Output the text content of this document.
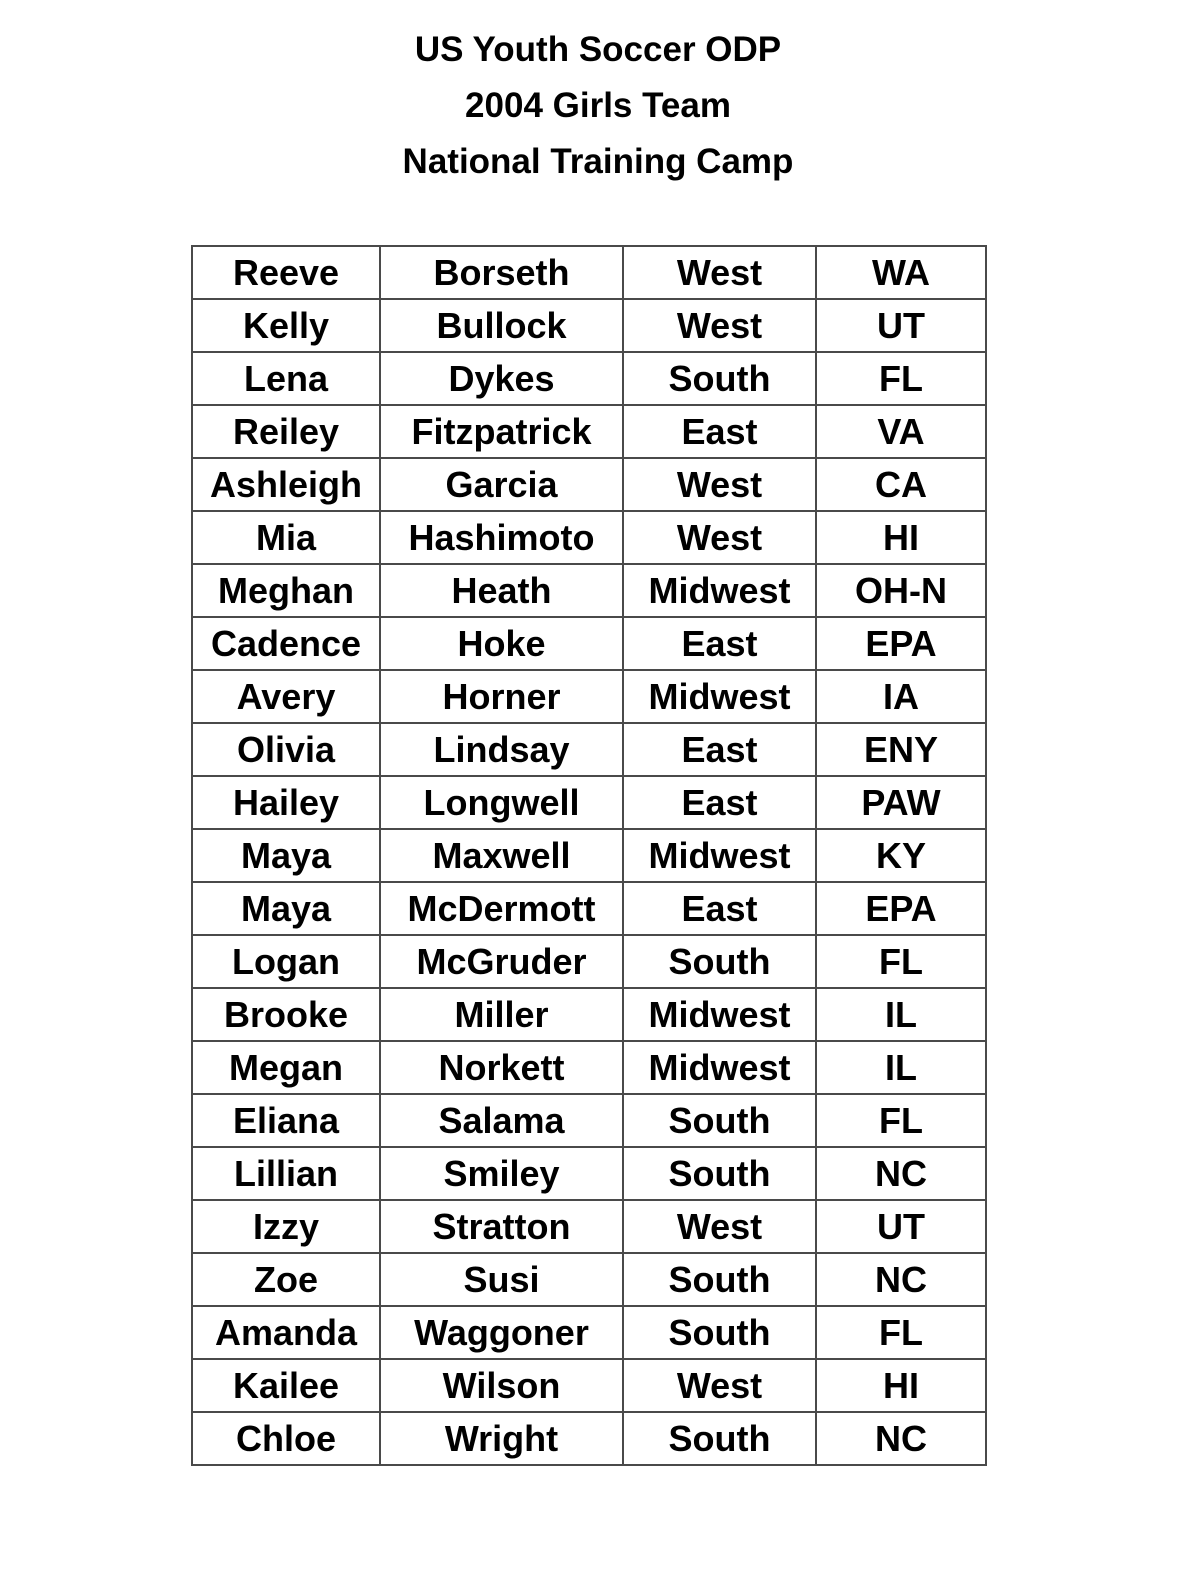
US Youth Soccer ODP
2004 Girls Team
National Training Camp
Reeve	Borseth	West	WA
Kelly	Bullock	West	UT
Lena	Dykes	South	FL
Reiley	Fitzpatrick	East	VA
Ashleigh	Garcia	West	CA
Mia	Hashimoto	West	HI
Meghan	Heath	Midwest	OH-N
Cadence	Hoke	East	EPA
Avery	Horner	Midwest	IA
Olivia	Lindsay	East	ENY
Hailey	Longwell	East	PAW
Maya	Maxwell	Midwest	KY
Maya	McDermott	East	EPA
Logan	McGruder	South	FL
Brooke	Miller	Midwest	IL
Megan	Norkett	Midwest	IL
Eliana	Salama	South	FL
Lillian	Smiley	South	NC
Izzy	Stratton	West	UT
Zoe	Susi	South	NC
Amanda	Waggoner	South	FL
Kailee	Wilson	West	HI
Chloe	Wright	South	NC
